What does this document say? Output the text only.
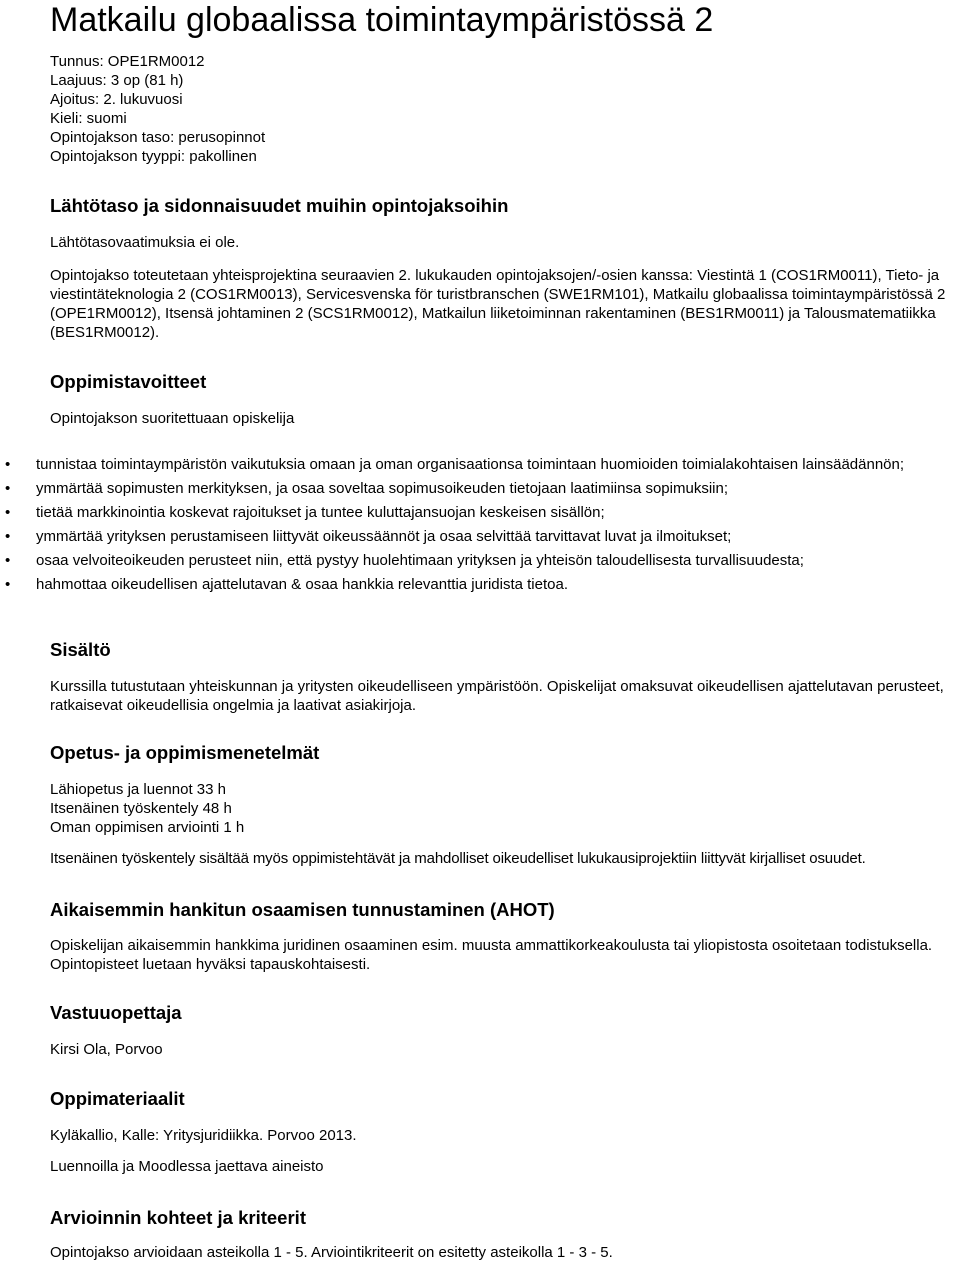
Matkailu globaalissa toimintaympäristössä 2
Tunnus: OPE1RM0012
Laajuus: 3 op (81 h)
Ajoitus: 2. lukuvuosi
Kieli: suomi
Opintojakson taso: perusopinnot
Opintojakson tyyppi: pakollinen
Lähtötaso ja sidonnaisuudet muihin opintojaksoihin

Lähtötasovaatimuksia ei ole.

Opintojakso toteutetaan yhteisprojektina seuraavien 2. lukukauden opintojaksojen/-osien kanssa: Viestintä 1 (COS1RM0011), Tieto- ja viestintäteknologia 2 (COS1RM0013), Servicesvenska för turistbranschen (SWE1RM101), Matkailu globaalissa toimintaympäristössä 2 (OPE1RM0012), Itsensä johtaminen 2 (SCS1RM0012), Matkailun liiketoiminnan rakentaminen (BES1RM0011) ja Talousmatematiikka (BES1RM0012).

Oppimistavoitteet

Opintojakson suoritettuaan opiskelija

• tunnistaa toimintaympäristön vaikutuksia omaan ja oman organisaationsa toimintaan huomioiden toimialakohtaisen lainsäädännön;
• ymmärtää sopimusten merkityksen, ja osaa soveltaa sopimusoikeuden tietojaan laatimiinsa sopimuksiin;
• tietää markkinointia koskevat rajoitukset ja tuntee kuluttajansuojan keskeisen sisällön;
• ymmärtää yrityksen perustamiseen liittyvät oikeussäännöt ja osaa selvittää tarvittavat luvat ja ilmoitukset;
• osaa velvoiteoikeuden perusteet niin, että pystyy huolehtimaan yrityksen ja yhteisön taloudellisesta turvallisuudesta;
• hahmottaa oikeudellisen ajattelutavan & osaa hankkia relevanttia juridista tietoa.
Sisältö

Kurssilla tutustutaan yhteiskunnan ja yritysten oikeudelliseen ympäristöön. Opiskelijat omaksuvat oikeudellisen ajattelutavan perusteet, ratkaisevat oikeudellisia ongelmia ja laativat asiakirjoja.

Opetus- ja oppimismenetelmät

Lähiopetus ja luennot 33 h

Itsenäinen työskentely 48 h

Oman oppimisen arviointi 1 h

Itsenäinen työskentely sisältää myös oppimistehtävät ja mahdolliset oikeudelliset lukukausiprojektiin liittyvät kirjalliset osuudet.

Aikaisemmin hankitun osaamisen tunnustaminen (AHOT)

Opiskelijan aikaisemmin hankkima juridinen osaaminen esim. muusta ammattikorkeakoulusta tai yliopistosta osoitetaan todistuksella. Opintopisteet luetaan hyväksi tapauskohtaisesti.

Vastuuopettaja

Kirsi Ola, Porvoo

Oppimateriaalit

Kyläkallio, Kalle: Yritysjuridiikka. Porvoo 2013.

Luennoilla ja Moodlessa jaettava aineisto

Arvioinnin kohteet ja kriteerit

Opintojakso arvioidaan asteikolla 1 - 5. Arviointikriteerit on esitetty asteikolla 1 - 3 - 5.
